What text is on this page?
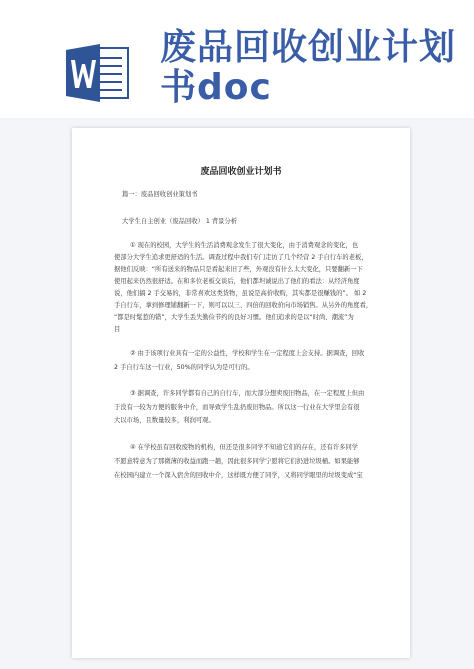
废品回收创业计划
书doc
废品回收创业计划书
篇一：废品回收创业策划书
大学生自主创业（废品回收） 1 背景分析
① 现在的校园，大学生的生活消费观念发生了很大变化，由于消费观念的变化，也
使部分大学生追求更舒适的生活。调查过程中我们专门走访了几个经营 2 手自行车的老板，
据他们反映：“所有送来的物品只是看起来旧了些，外观没有什么太大变化，只要翻新一下
使用起来仍然很舒适。在和多位老板交谈后，他们都坦诚说出了他们的看法：从经济角度
说，他们搞 2 手交易的，非常喜欢这类货物，虽说是高价收购，其实都是很赚钱的”。 如 2
手自行车，拿到修理铺翻新一下，则可以以三、四倍的回收价向市场销售。从另外的角度看，
“都是时髦惹的错”，大学生丢失勤俭节约的良好习惯。他们追求的是以“时尚、潮流”为
目
② 由于该项行业具有一定的公益性，学校和学生在一定程度上会支持。据调查，回收
2 手自行车这一行业，50%的同学认为是可行的。
③ 据调查，许多同学都有自己的自行车，而大部分想卖废旧物品，在一定程度上但由
于没有一较为方便的服务中介，而导致学生乱扔废旧物品。所以这一行业在大学里会有很
大以市场，且数量较多，利润可观。
④ 在学校虽有回收废物的机构，但还是很多同学不知道它们的存在，还有许多同学
不愿意特意为了那微薄的收益而跑一趟，因此很多同学宁愿将它们扔进垃圾桶。如果能够
在校园内建立一个深入宿舍的回收中介，这样既方便了同学，又将同学眼里的垃圾变成“宝
